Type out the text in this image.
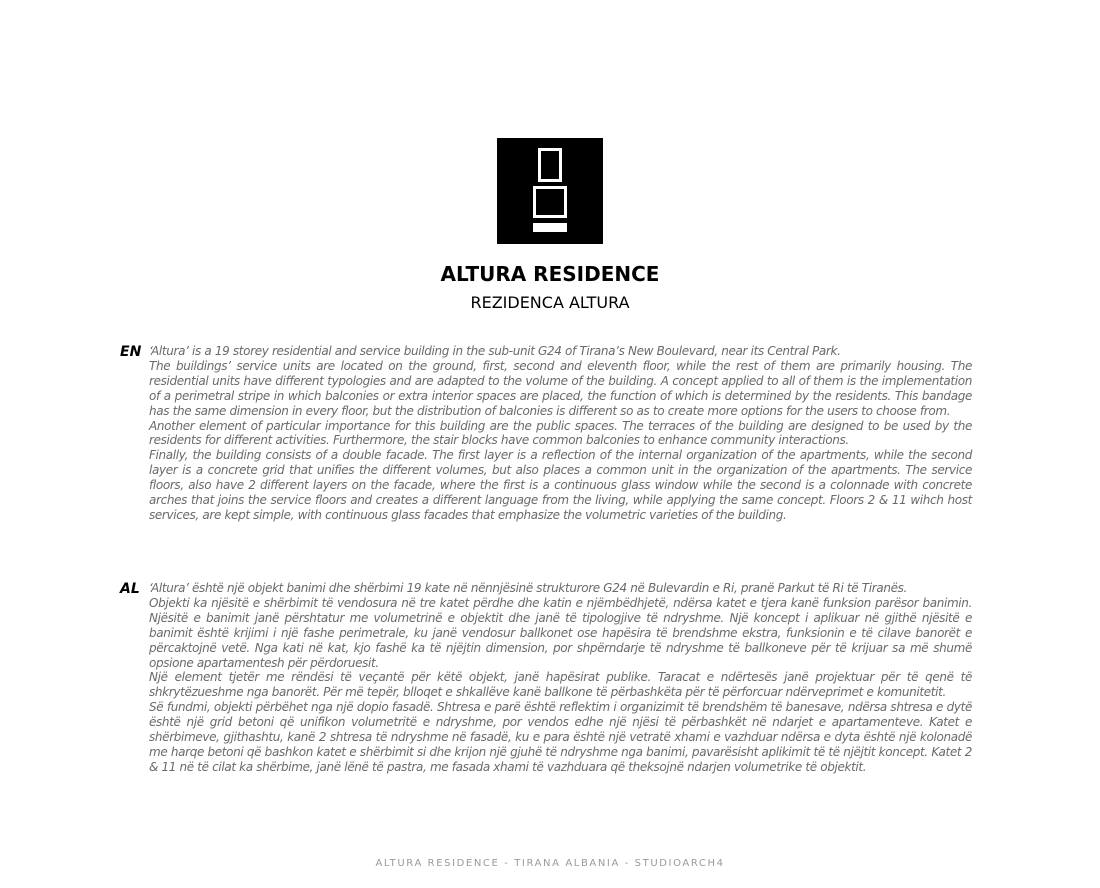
ALTURA RESIDENCE
REZIDENCA ALTURA
EN ‘Altura’ is a 19 storey residential and service building in the sub-unit G24 of Tirana’s New Boulevard, near its Central Park.

The buildings’ service units are located on the ground, first, second and eleventh floor, while the rest of them are primarily housing. The residential units have different typologies and are adapted to the volume of the building. A concept applied to all of them is the implementation of a perimetral stripe in which balconies or extra interior spaces are placed, the function of which is determined by the residents. This bandage has the same dimension in every floor, but the distribution of balconies is different so as to create more options for the users to choose from.

Another element of particular importance for this building are the public spaces. The terraces of the building are designed to be used by the residents for different activities. Furthermore, the stair blocks have common balconies to enhance community interactions.

Finally, the building consists of a double facade. The first layer is a reflection of the internal organization of the apartments, while the second layer is a concrete grid that unifies the different volumes, but also places a common unit in the organization of the apartments. The service floors, also have 2 different layers on the facade, where the first is a continuous glass window while the second is a colonnade with concrete arches that joins the service floors and creates a different language from the living, while applying the same concept. Floors 2 & 11 wihch host services, are kept simple, with continuous glass facades that emphasize the volumetric varieties of the building.

AL ‘Altura’ është një objekt banimi dhe shërbimi 19 kate në nënnjësinë strukturore G24 në Bulevardin e Ri, pranë Parkut të Ri të Tiranës.

Objekti ka njësitë e shërbimit të vendosura në tre katet përdhe dhe katin e njëmbëdhjetë, ndërsa katet e tjera kanë funksion parësor banimin. Njësitë e banimit janë përshtatur me volumetrinë e objektit dhe janë të tipologjive të ndryshme. Një koncept i aplikuar në gjithë njësitë e banimit është krijimi i një fashe perimetrale, ku janë vendosur ballkonet ose hapësira të brendshme ekstra, funksionin e të cilave banorët e përcaktojnë vetë. Nga kati në kat, kjo fashë ka të njëjtin dimension, por shpërndarje të ndryshme të ballkoneve për të krijuar sa më shumë opsione apartamentesh për përdoruesit.

Një element tjetër me rëndësi të veçantë për këtë objekt, janë hapësirat publike. Taracat e ndërtesës janë projektuar për të qenë të shkrytëzueshme nga banorët. Për më tepër, blloqet e shkallëve kanë ballkone të përbashkëta për të përforcuar ndërveprimet e komunitetit.

Së fundmi, objekti përbëhet nga një dopio fasadë. Shtresa e parë është reflektim i organizimit të brendshëm të banesave, ndërsa shtresa e dytë është një grid betoni që unifikon volumetritë e ndryshme, por vendos edhe një njësi të përbashkët në ndarjet e apartamenteve. Katet e shërbimeve, gjithashtu, kanë 2 shtresa të ndryshme në fasadë, ku e para është një vetratë xhami e vazhduar ndërsa e dyta është një kolonadë me harqe betoni që bashkon katet e shërbimit si dhe krijon një gjuhë të ndryshme nga banimi, pavarësisht aplikimit të të njëjtit koncept. Katet 2 & 11 në të cilat ka shërbime, janë lënë të pastra, me fasada xhami të vazhduara që theksojnë ndarjen volumetrike të objektit.

ALTURA RESIDENCE - TIRANA ALBANIA - STUDIOARCH4
